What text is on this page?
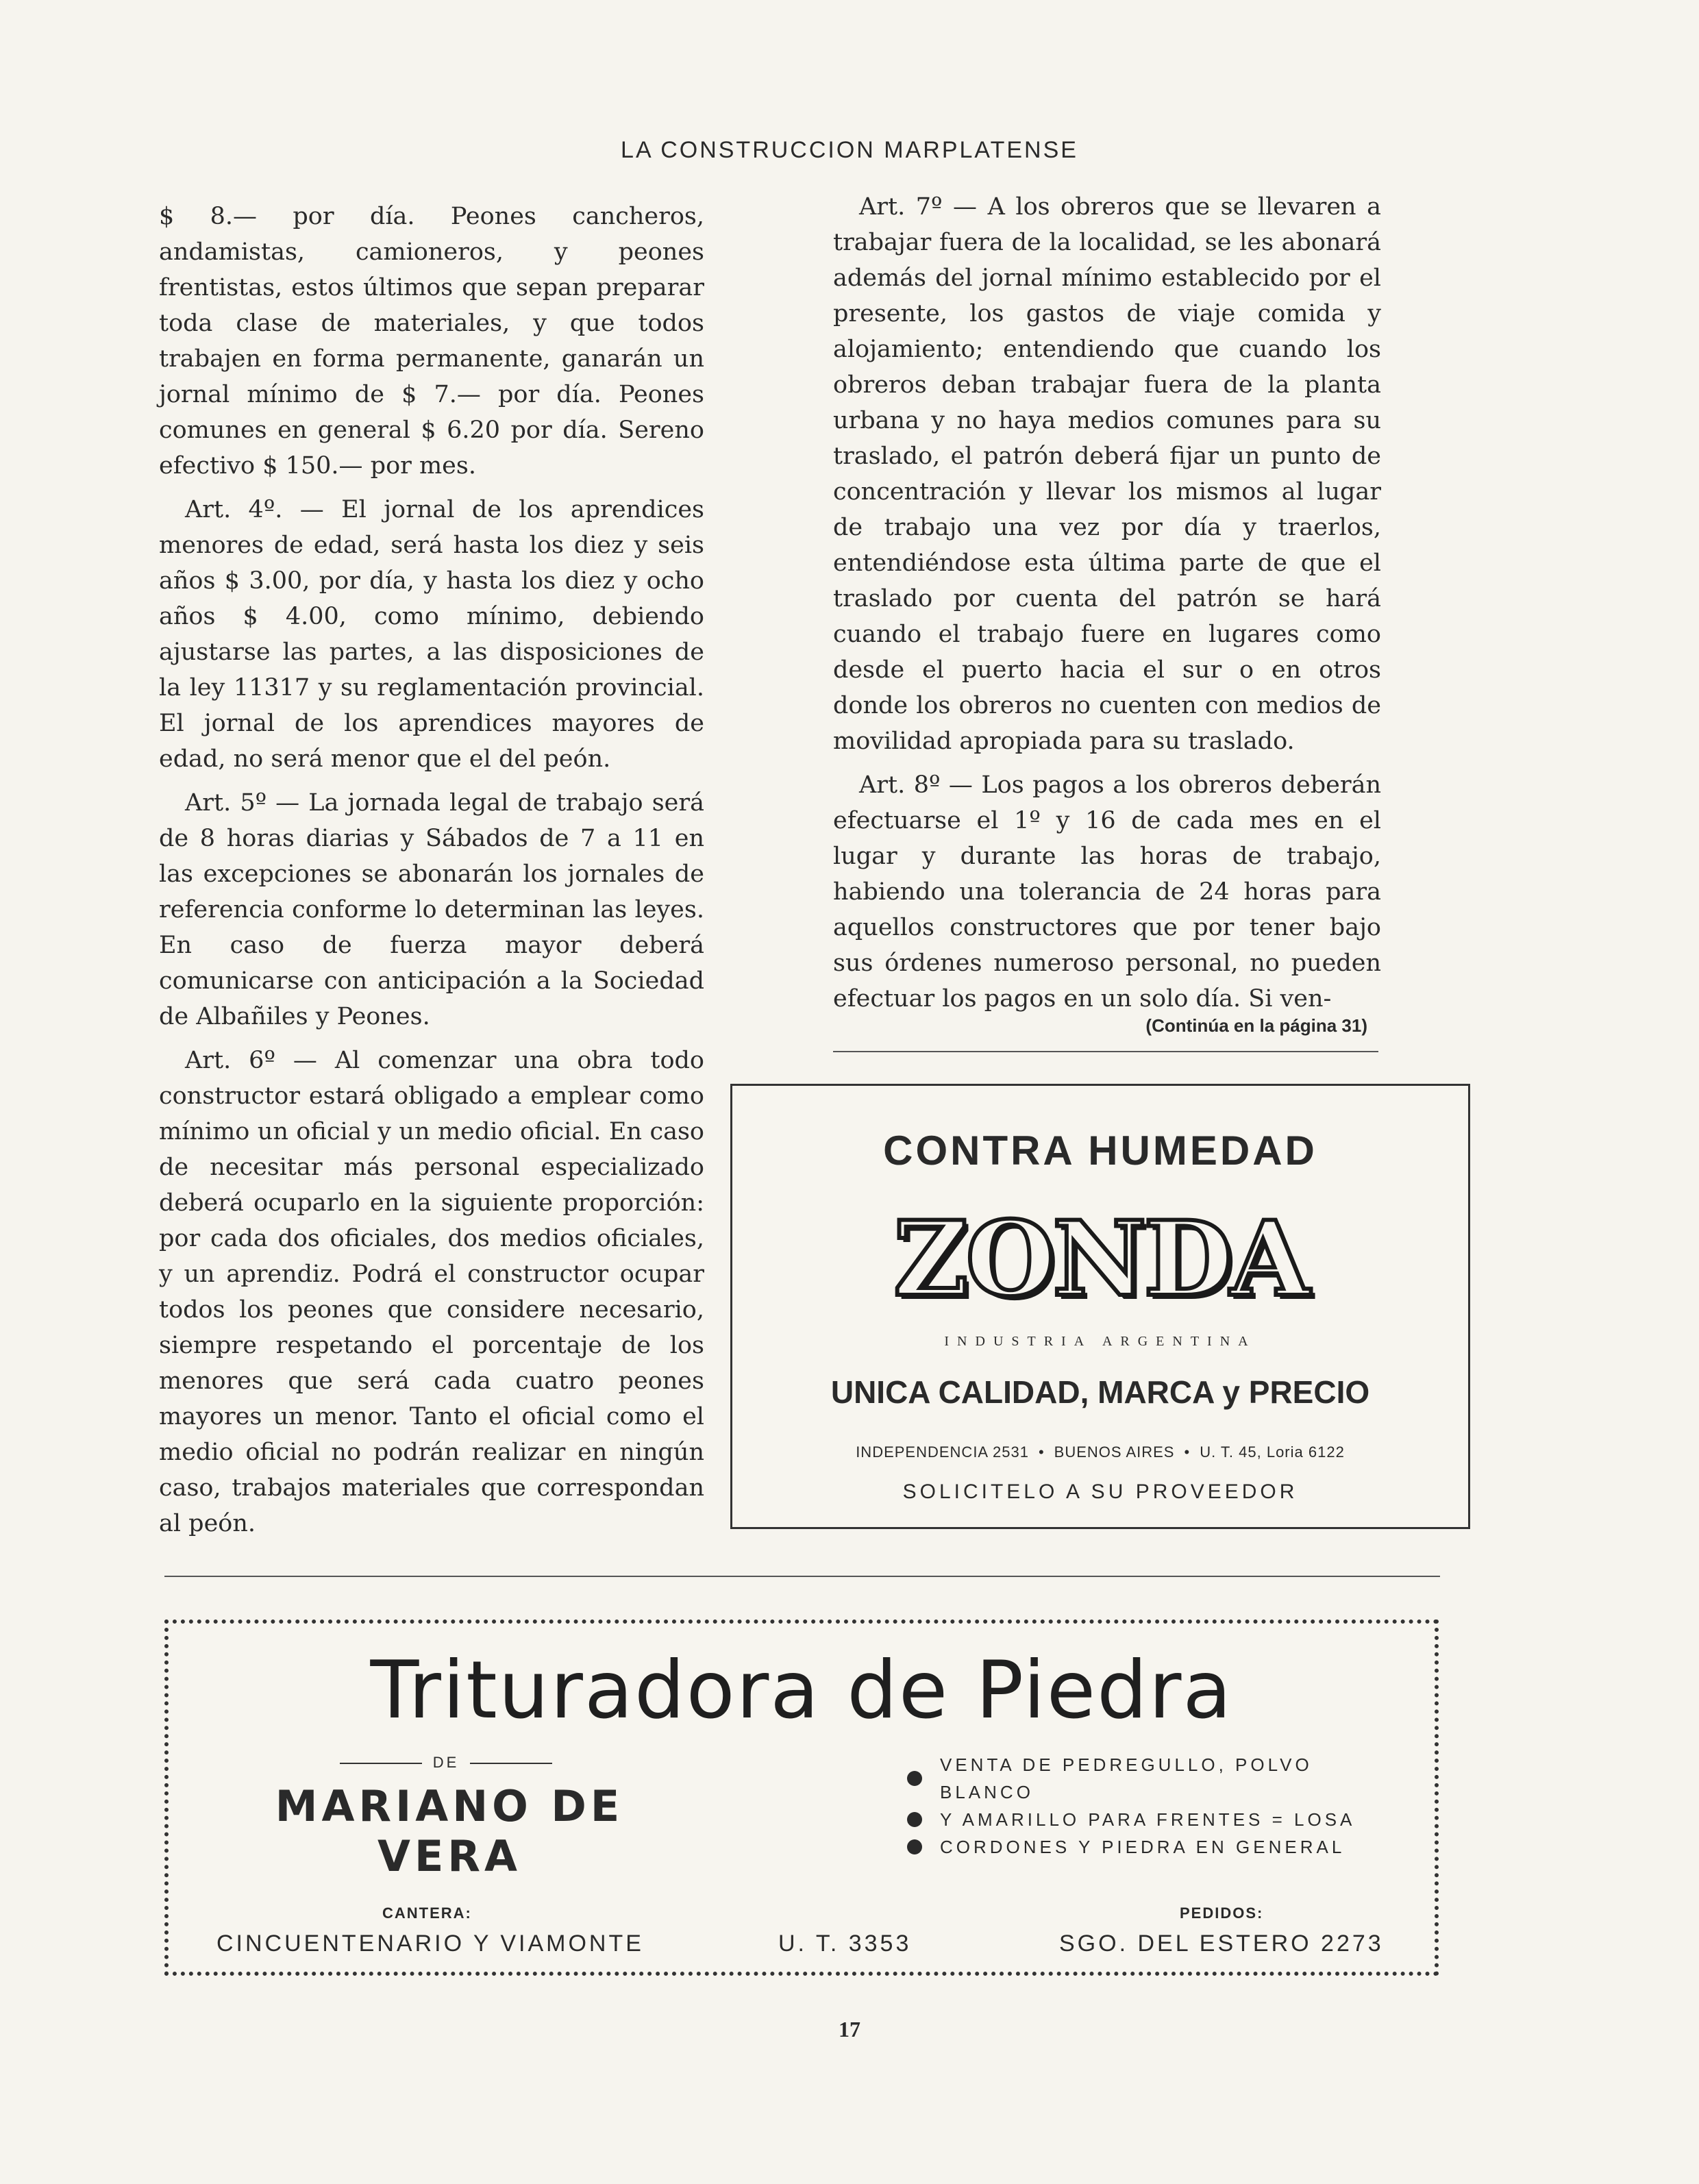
LA CONSTRUCCION MARPLATENSE

$ 8.— por día. Peones cancheros, andamistas, camioneros, y peones frentistas, estos últimos que sepan preparar toda clase de materiales, y que todos trabajen en forma permanente, ganarán un jornal mínimo de $ 7.— por día. Peones comunes en general $ 6.20 por día. Sereno efectivo $ 150.— por mes.

Art. 4º. — El jornal de los aprendices menores de edad, será hasta los diez y seis años $ 3.00, por día, y hasta los diez y ocho años $ 4.00, como mínimo, debiendo ajustarse las partes, a las disposiciones de la ley 11317 y su reglamentación provincial. El jornal de los aprendices mayores de edad, no será menor que el del peón.

Art. 5º — La jornada legal de trabajo será de 8 horas diarias y Sábados de 7 a 11 en las excepciones se abonarán los jornales de referencia conforme lo determinan las leyes. En caso de fuerza mayor deberá comunicarse con anticipación a la Sociedad de Albañiles y Peones.

Art. 6º — Al comenzar una obra todo constructor estará obligado a emplear como mínimo un oficial y un medio oficial. En caso de necesitar más personal especializado deberá ocuparlo en la siguiente proporción: por cada dos oficiales, dos medios oficiales, y un aprendiz. Podrá el constructor ocupar todos los peones que considere necesario, siempre respetando el porcentaje de los menores que será cada cuatro peones mayores un menor. Tanto el oficial como el medio oficial no podrán realizar en ningún caso, trabajos materiales que correspondan al peón.

Art. 7º — A los obreros que se llevaren a trabajar fuera de la localidad, se les abonará además del jornal mínimo establecido por el presente, los gastos de viaje comida y alojamiento; entendiendo que cuando los obreros deban trabajar fuera de la planta urbana y no haya medios comunes para su traslado, el patrón deberá fijar un punto de concentración y llevar los mismos al lugar de trabajo una vez por día y traerlos, entendiéndose esta última parte de que el traslado por cuenta del patrón se hará cuando el trabajo fuere en lugares como desde el puerto hacia el sur o en otros donde los obreros no cuenten con medios de movilidad apropiada para su traslado.

Art. 8º — Los pagos a los obreros deberán efectuarse el 1º y 16 de cada mes en el lugar y durante las horas de trabajo, habiendo una tolerancia de 24 horas para aquellos constructores que por tener bajo sus órdenes numeroso personal, no pueden efectuar los pagos en un solo día. Si ven-

(Continúa en la página 31)
CONTRA HUMEDAD
ZONDA
INDUSTRIA ARGENTINA
UNICA CALIDAD, MARCA y PRECIO
INDEPENDENCIA 2531 • BUENOS AIRES • U. T. 45, Loria 6122
SOLICITELO A SU PROVEEDOR
Trituradora de Piedra
DE
MARIANO DE VERA
VENTA DE PEDREGULLO, POLVO BLANCO
Y AMARILLO PARA FRENTES = LOSA
CORDONES Y PIEDRA EN GENERAL
CANTERA:
CINCUENTENARIO Y VIAMONTE	U. T. 3353
PEDIDOS:
SGO. DEL ESTERO 2273
17
